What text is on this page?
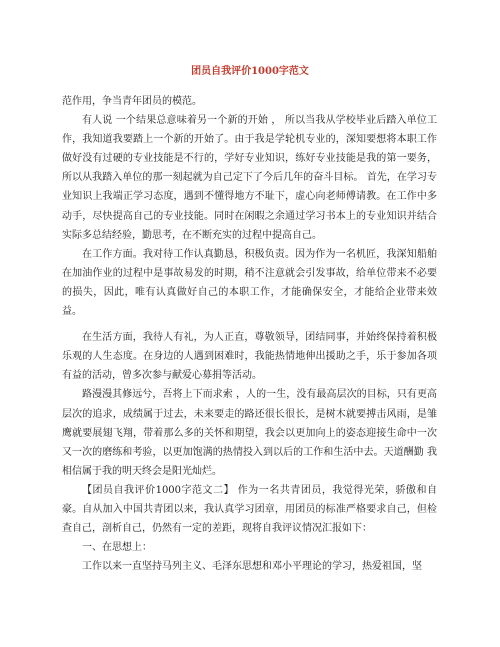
团员自我评价1000字范文

范作用，争当青年团员的模范。

有人说 一个结果总意味着另一个新的开始 ， 所以当我从学校毕业后踏入单位工作，我知道我要踏上一个新的开始了。由于我是学轮机专业的，深知要想将本职工作做好没有过硬的专业技能是不行的，学好专业知识，练好专业技能是我的第一要务，所以从我踏入单位的那一刻起就为自己定下了今后几年的奋斗目标。 首先，在学习专业知识上我端正学习态度，遇到不懂得地方不耻下，虚心向老师傅请教。在工作中多动手，尽快提高自己的专业技能。同时在闲暇之余通过学习书本上的专业知识并结合实际多总结经验，勤思考，在不断充实的过程中提高自己。

在工作方面。我对待工作认真勤恳，积极负责。因为作为一名机匠，我深知船舶在加油作业的过程中是事故易发的时期，稍不注意就会引发事故，给单位带来不必要的损失，因此，唯有认真做好自己的本职工作，才能确保安全，才能给企业带来效益。

在生活方面，我待人有礼，为人正直，尊敬领导，团结同事，并始终保持着积极乐观的人生态度。在身边的人遇到困难时，我能热情地伸出援助之手，乐于参加各项有益的活动，曾多次参与献爱心募捐等活动。

路漫漫其修远兮，吾将上下而求索 ，人的一生，没有最高层次的目标，只有更高层次的追求，成绩属于过去，未来要走的路还很长很长，是树木就要搏击风雨，是雏鹰就要展翅飞翔，带着那么多的关怀和期望，我会以更加向上的姿态迎接生命中一次又一次的磨练和考验，以更加饱满的热情投入到以后的工作和生活中去。天道酬勤 我相信属于我的明天终会是阳光灿烂。

【团员自我评价1000字范文二】 作为一名共青团员，我觉得光荣，骄傲和自豪。自从加入中国共青团以来，我认真学习团章，用团员的标准严格要求自己，但检查自己，剖析自己，仍然有一定的差距，现将自我评议情况汇报如下：

一、在思想上：

工作以来一直坚持马列主义、毛泽东思想和邓小平理论的学习，热爱祖国，坚
